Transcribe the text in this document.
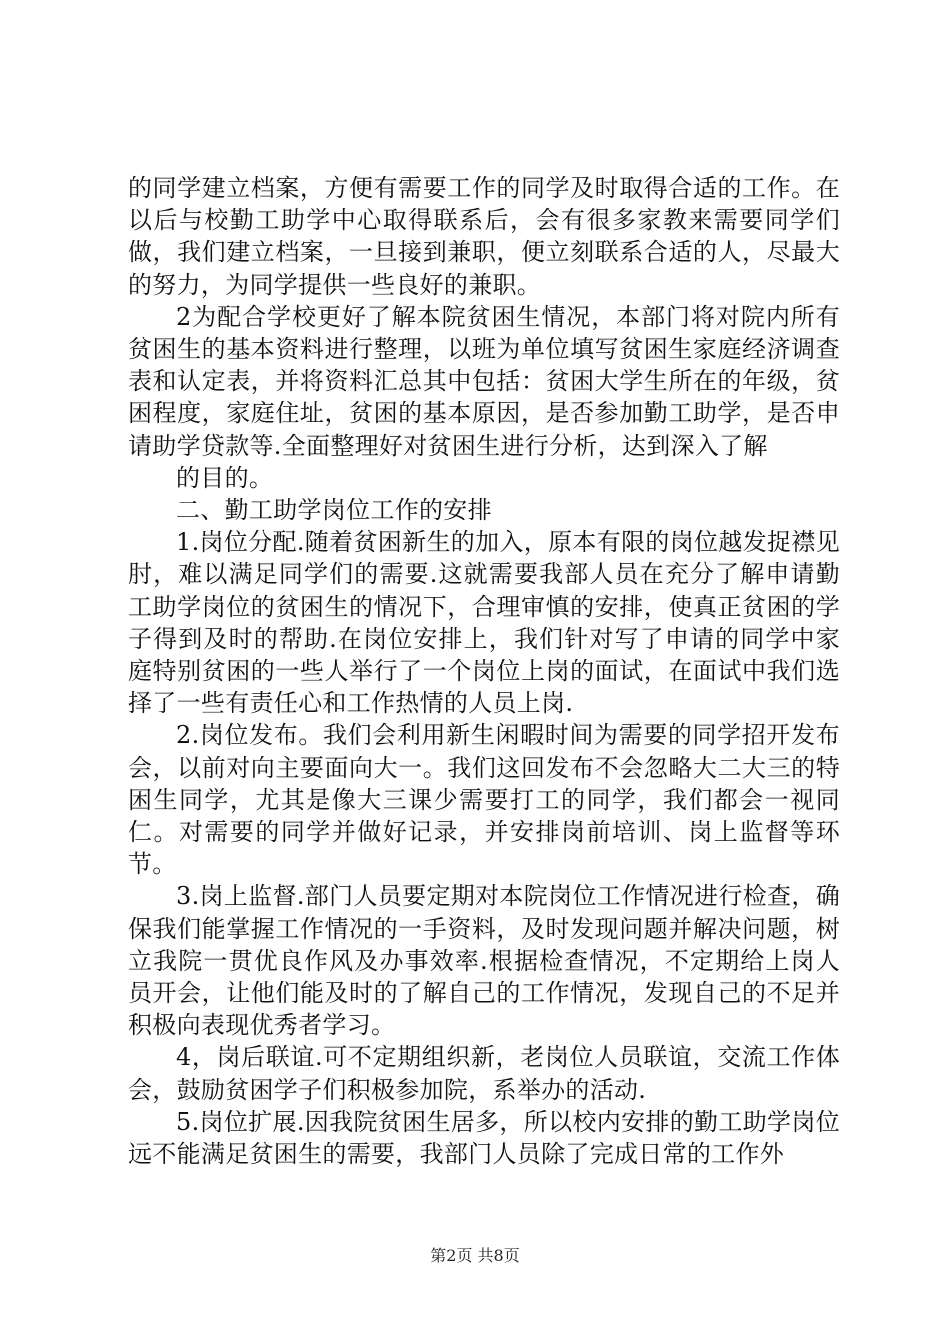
的同学建立档案，方便有需要工作的同学及时取得合适的工作。在以后与校勤工助学中心取得联系后，会有很多家教来需要同学们做，我们建立档案，一旦接到兼职，便立刻联系合适的人，尽最大的努力，为同学提供一些良好的兼职。

2为配合学校更好了解本院贫困生情况，本部门将对院内所有贫困生的基本资料进行整理，以班为单位填写贫困生家庭经济调查表和认定表，并将资料汇总其中包括：贫困大学生所在的年级，贫困程度，家庭住址，贫困的基本原因，是否参加勤工助学，是否申请助学贷款等.全面整理好对贫困生进行分析，达到深入了解

的目的。

二、勤工助学岗位工作的安排

1.岗位分配.随着贫困新生的加入，原本有限的岗位越发捉襟见肘，难以满足同学们的需要.这就需要我部人员在充分了解申请勤工助学岗位的贫困生的情况下，合理审慎的安排，使真正贫困的学子得到及时的帮助.在岗位安排上，我们针对写了申请的同学中家庭特别贫困的一些人举行了一个岗位上岗的面试，在面试中我们选择了一些有责任心和工作热情的人员上岗.

2.岗位发布。我们会利用新生闲暇时间为需要的同学招开发布会，以前对向主要面向大一。我们这回发布不会忽略大二大三的特困生同学，尤其是像大三课少需要打工的同学，我们都会一视同仁。对需要的同学并做好记录，并安排岗前培训、岗上监督等环节。

3.岗上监督.部门人员要定期对本院岗位工作情况进行检查，确保我们能掌握工作情况的一手资料，及时发现问题并解决问题，树立我院一贯优良作风及办事效率.根据检查情况，不定期给上岗人员开会，让他们能及时的了解自己的工作情况，发现自己的不足并积极向表现优秀者学习。

4，岗后联谊.可不定期组织新，老岗位人员联谊，交流工作体会，鼓励贫困学子们积极参加院，系举办的活动.

5.岗位扩展.因我院贫困生居多，所以校内安排的勤工助学岗位远不能满足贫困生的需要，我部门人员除了完成日常的工作外

第2页 共8页
